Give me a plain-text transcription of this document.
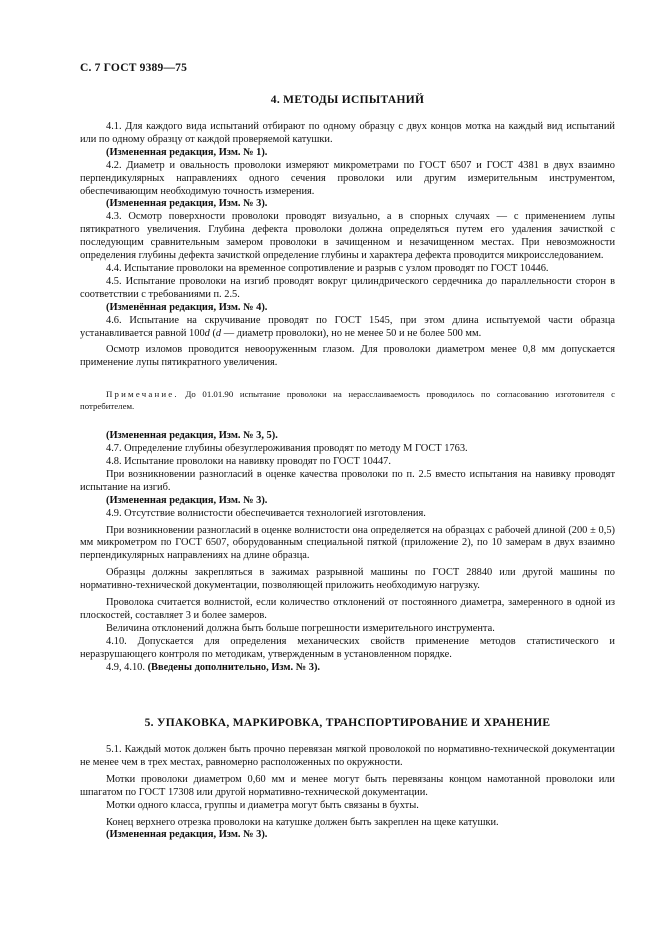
С. 7 ГОСТ 9389—75
4. МЕТОДЫ ИСПЫТАНИЙ

4.1. Для каждого вида испытаний отбирают по одному образцу с двух концов мотка на каждый вид испытаний или по одному образцу от каждой проверяемой катушки.

(Измененная редакция, Изм. № 1).

4.2. Диаметр и овальность проволоки измеряют микрометрами по ГОСТ 6507 и ГОСТ 4381 в двух взаимно перпендикулярных направлениях одного сечения проволоки или другим измерительным инструментом, обеспечивающим необходимую точность измерения.

(Измененная редакция, Изм. № 3).

4.3. Осмотр поверхности проволоки проводят визуально, а в спорных случаях — с применением лупы пятикратного увеличения. Глубина дефекта проволоки должна определяться путем его удаления зачисткой с последующим сравнительным замером проволоки в зачищенном и незачищенном местах. При невозможности определения глубины дефекта зачисткой определение глубины и характера дефекта проводится микроисследованием.

4.4. Испытание проволоки на временное сопротивление и разрыв с узлом проводят по ГОСТ 10446.

4.5. Испытание проволоки на изгиб проводят вокруг цилиндрического сердечника до параллельности сторон в соответствии с требованиями п. 2.5.

(Изменённая редакция, Изм. № 4).

4.6. Испытание на скручивание проводят по ГОСТ 1545, при этом длина испытуемой части образца устанавливается равной 100d (d — диаметр проволоки), но не менее 50 и не более 500 мм.

Осмотр изломов проводится невооруженным глазом. Для проволоки диаметром менее 0,8 мм допускается применение лупы пятикратного увеличения.

Примечание. До 01.01.90 испытание проволоки на нерасслаиваемость проводилось по согласованию изготовителя с потребителем.

(Измененная редакция, Изм. № 3, 5).

4.7. Определение глубины обезуглероживания проводят по методу М ГОСТ 1763.

4.8. Испытание проволоки на навивку проводят по ГОСТ 10447.

При возникновении разногласий в оценке качества проволоки по п. 2.5 вместо испытания на навивку проводят испытание на изгиб.

(Измененная редакция, Изм. № 3).

4.9. Отсутствие волнистости обеспечивается технологией изготовления.

При возникновении разногласий в оценке волнистости она определяется на образцах с рабочей длиной (200 ± 0,5) мм микрометром по ГОСТ 6507, оборудованным специальной пяткой (приложение 2), по 10 замерам в двух взаимно перпендикулярных направлениях на длине образца.

Образцы должны закрепляться в зажимах разрывной машины по ГОСТ 28840 или другой машины по нормативно-технической документации, позволяющей приложить необходимую нагрузку.

Проволока считается волнистой, если количество отклонений от постоянного диаметра, замеренного в одной из плоскостей, составляет 3 и более замеров.

Величина отклонений должна быть больше погрешности измерительного инструмента.

4.10. Допускается для определения механических свойств применение методов статистического и неразрушающего контроля по методикам, утвержденным в установленном порядке.

4.9, 4.10. (Введены дополнительно, Изм. № 3).

5. УПАКОВКА, МАРКИРОВКА, ТРАНСПОРТИРОВАНИЕ И ХРАНЕНИЕ

5.1. Каждый моток должен быть прочно перевязан мягкой проволокой по нормативно-технической документации не менее чем в трех местах, равномерно расположенных по окружности.

Мотки проволоки диаметром 0,60 мм и менее могут быть перевязаны концом намотанной проволоки или шпагатом по ГОСТ 17308 или другой нормативно-технической документации.

Мотки одного класса, группы и диаметра могут быть связаны в бухты.

Конец верхнего отрезка проволоки на катушке должен быть закреплен на щеке катушки.

(Измененная редакция, Изм. № 3).
